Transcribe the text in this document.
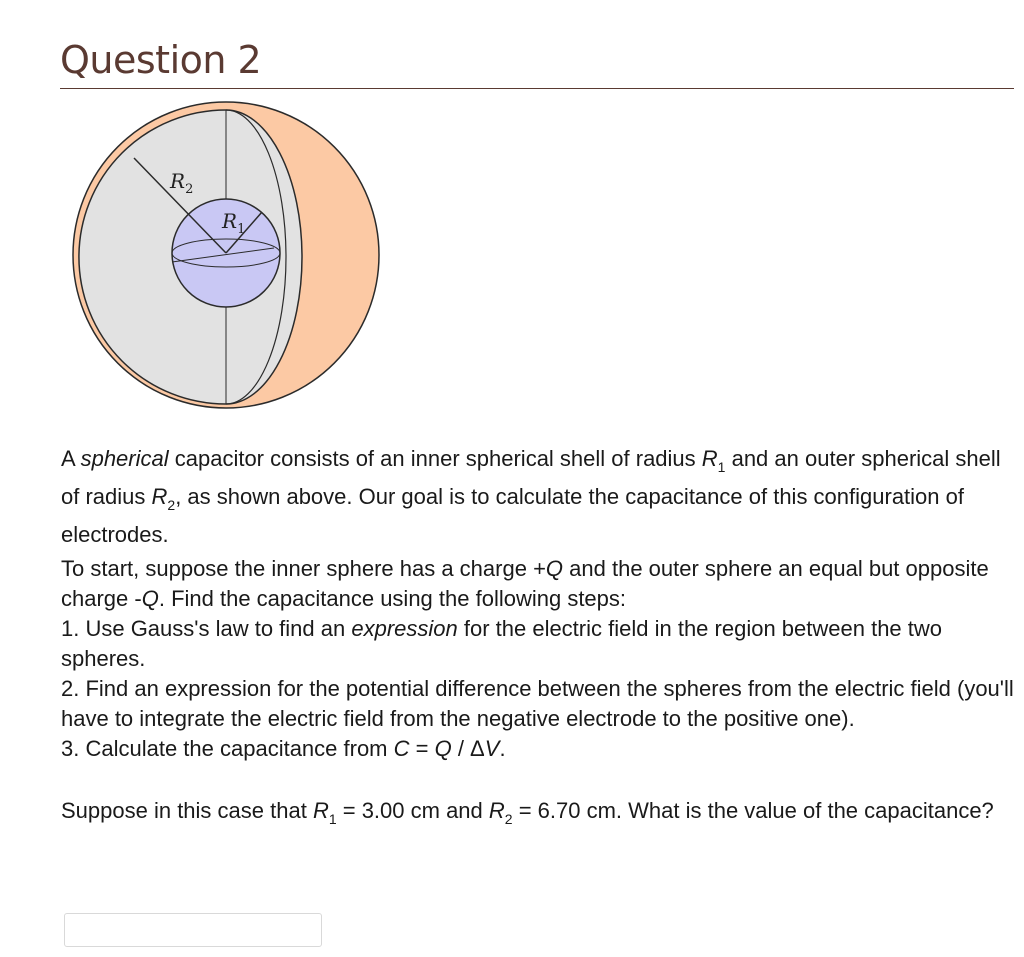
Question 2
$R_2$
$R_1$
A spherical capacitor consists of an inner spherical shell of radius $R_1$ and an outer spherical shell of radius $R_2$, as shown above. Our goal is to calculate the capacitance of this configuration of electrodes.
To start, suppose the inner sphere has a charge +Q and the outer sphere an equal but opposite charge -Q. Find the capacitance using the following steps:
1. Use Gauss's law to find an expression for the electric field in the region between the two spheres.
2. Find an expression for the potential difference between the spheres from the electric field (you'll have to integrate the electric field from the negative electrode to the positive one).
3. Calculate the capacitance from C = Q / ΔV.
Suppose in this case that $R_1 = 3.00$ cm and $R_2 = 6.70$ cm. What is the value of the capacitance?
